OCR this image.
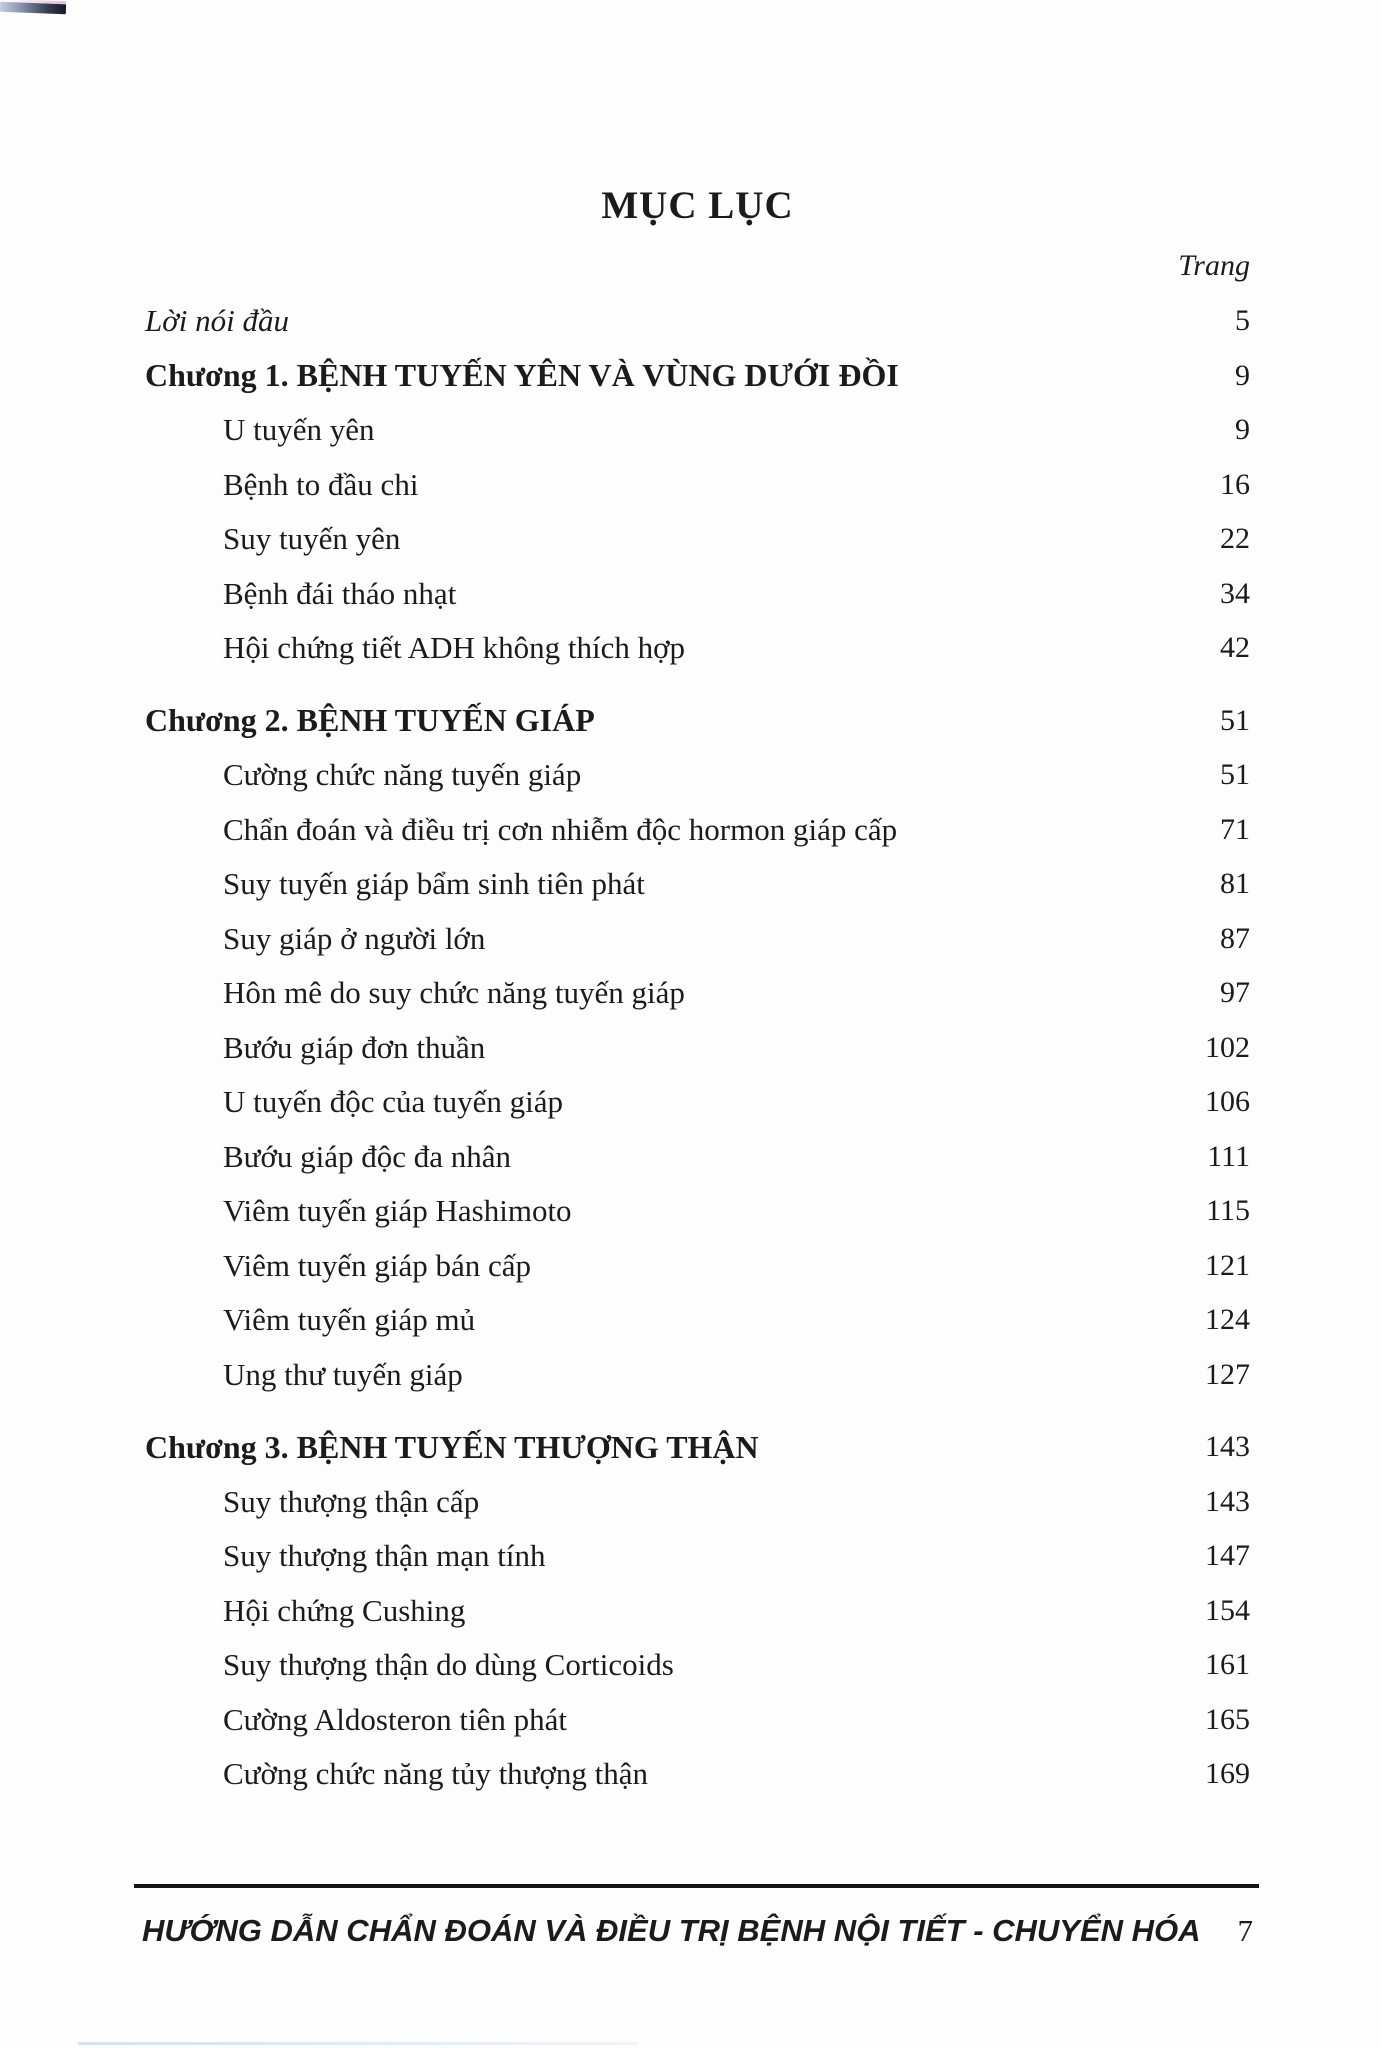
MỤC LỤC
Trang
Lời nói đầu	5
Chương 1. BỆNH TUYẾN YÊN VÀ VÙNG DƯỚI ĐỒI	9
U tuyến yên	9
Bệnh to đầu chi	16
Suy tuyến yên	22
Bệnh đái tháo nhạt	34
Hội chứng tiết ADH không thích hợp	42
Chương 2. BỆNH TUYẾN GIÁP	51
Cường chức năng tuyến giáp	51
Chẩn đoán và điều trị cơn nhiễm độc hormon giáp cấp	71
Suy tuyến giáp bẩm sinh tiên phát	81
Suy giáp ở người lớn	87
Hôn mê do suy chức năng tuyến giáp	97
Bướu giáp đơn thuần	102
U tuyến độc của tuyến giáp	106
Bướu giáp độc đa nhân	111
Viêm tuyến giáp Hashimoto	115
Viêm tuyến giáp bán cấp	121
Viêm tuyến giáp mủ	124
Ung thư tuyến giáp	127
Chương 3. BỆNH TUYẾN THƯỢNG THẬN	143
Suy thượng thận cấp	143
Suy thượng thận mạn tính	147
Hội chứng Cushing	154
Suy thượng thận do dùng Corticoids	161
Cường Aldosteron tiên phát	165
Cường chức năng tủy thượng thận	169
HƯỚNG DẪN CHẨN ĐOÁN VÀ ĐIỀU TRỊ BỆNH NỘI TIẾT - CHUYỂN HÓA 7
